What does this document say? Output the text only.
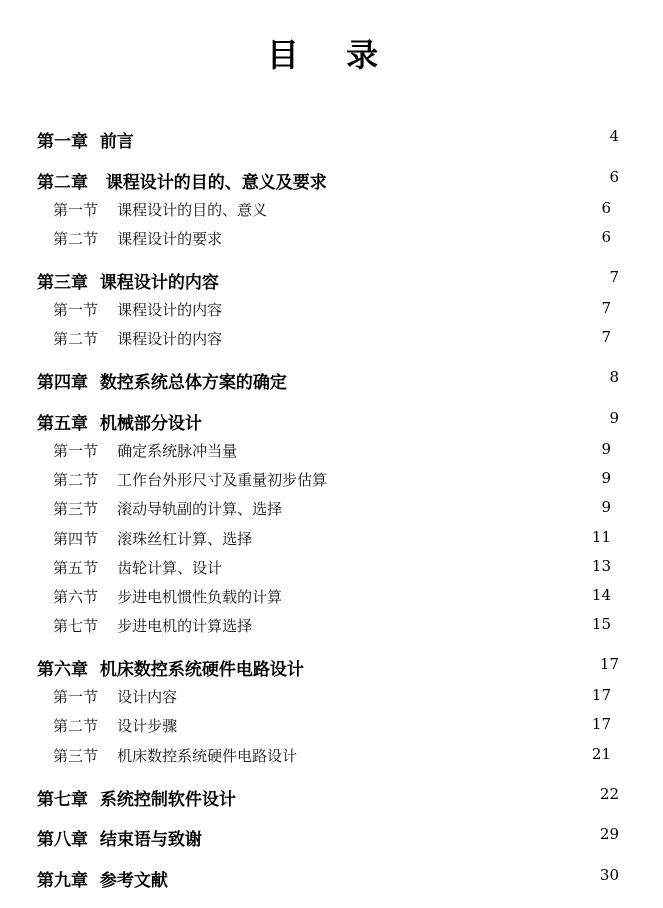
目 录
第一章  前言	4
第二章   课程设计的目的、意义及要求	6
第一节    课程设计的目的、意义	6
第二节    课程设计的要求	6
第三章  课程设计的内容	7
第一节    课程设计的内容	7
第二节    课程设计的内容	7
第四章  数控系统总体方案的确定	8
第五章  机械部分设计	9
第一节    确定系统脉冲当量	9
第二节    工作台外形尺寸及重量初步估算	9
第三节    滚动导轨副的计算、选择	9
第四节    滚珠丝杠计算、选择	11
第五节    齿轮计算、设计	13
第六节    步进电机惯性负载的计算	14
第七节    步进电机的计算选择	15
第六章  机床数控系统硬件电路设计	17
第一节    设计内容	17
第二节    设计步骤	17
第三节    机床数控系统硬件电路设计	21
第七章  系统控制软件设计	22
第八章  结束语与致谢	29
第九章  参考文献	30
